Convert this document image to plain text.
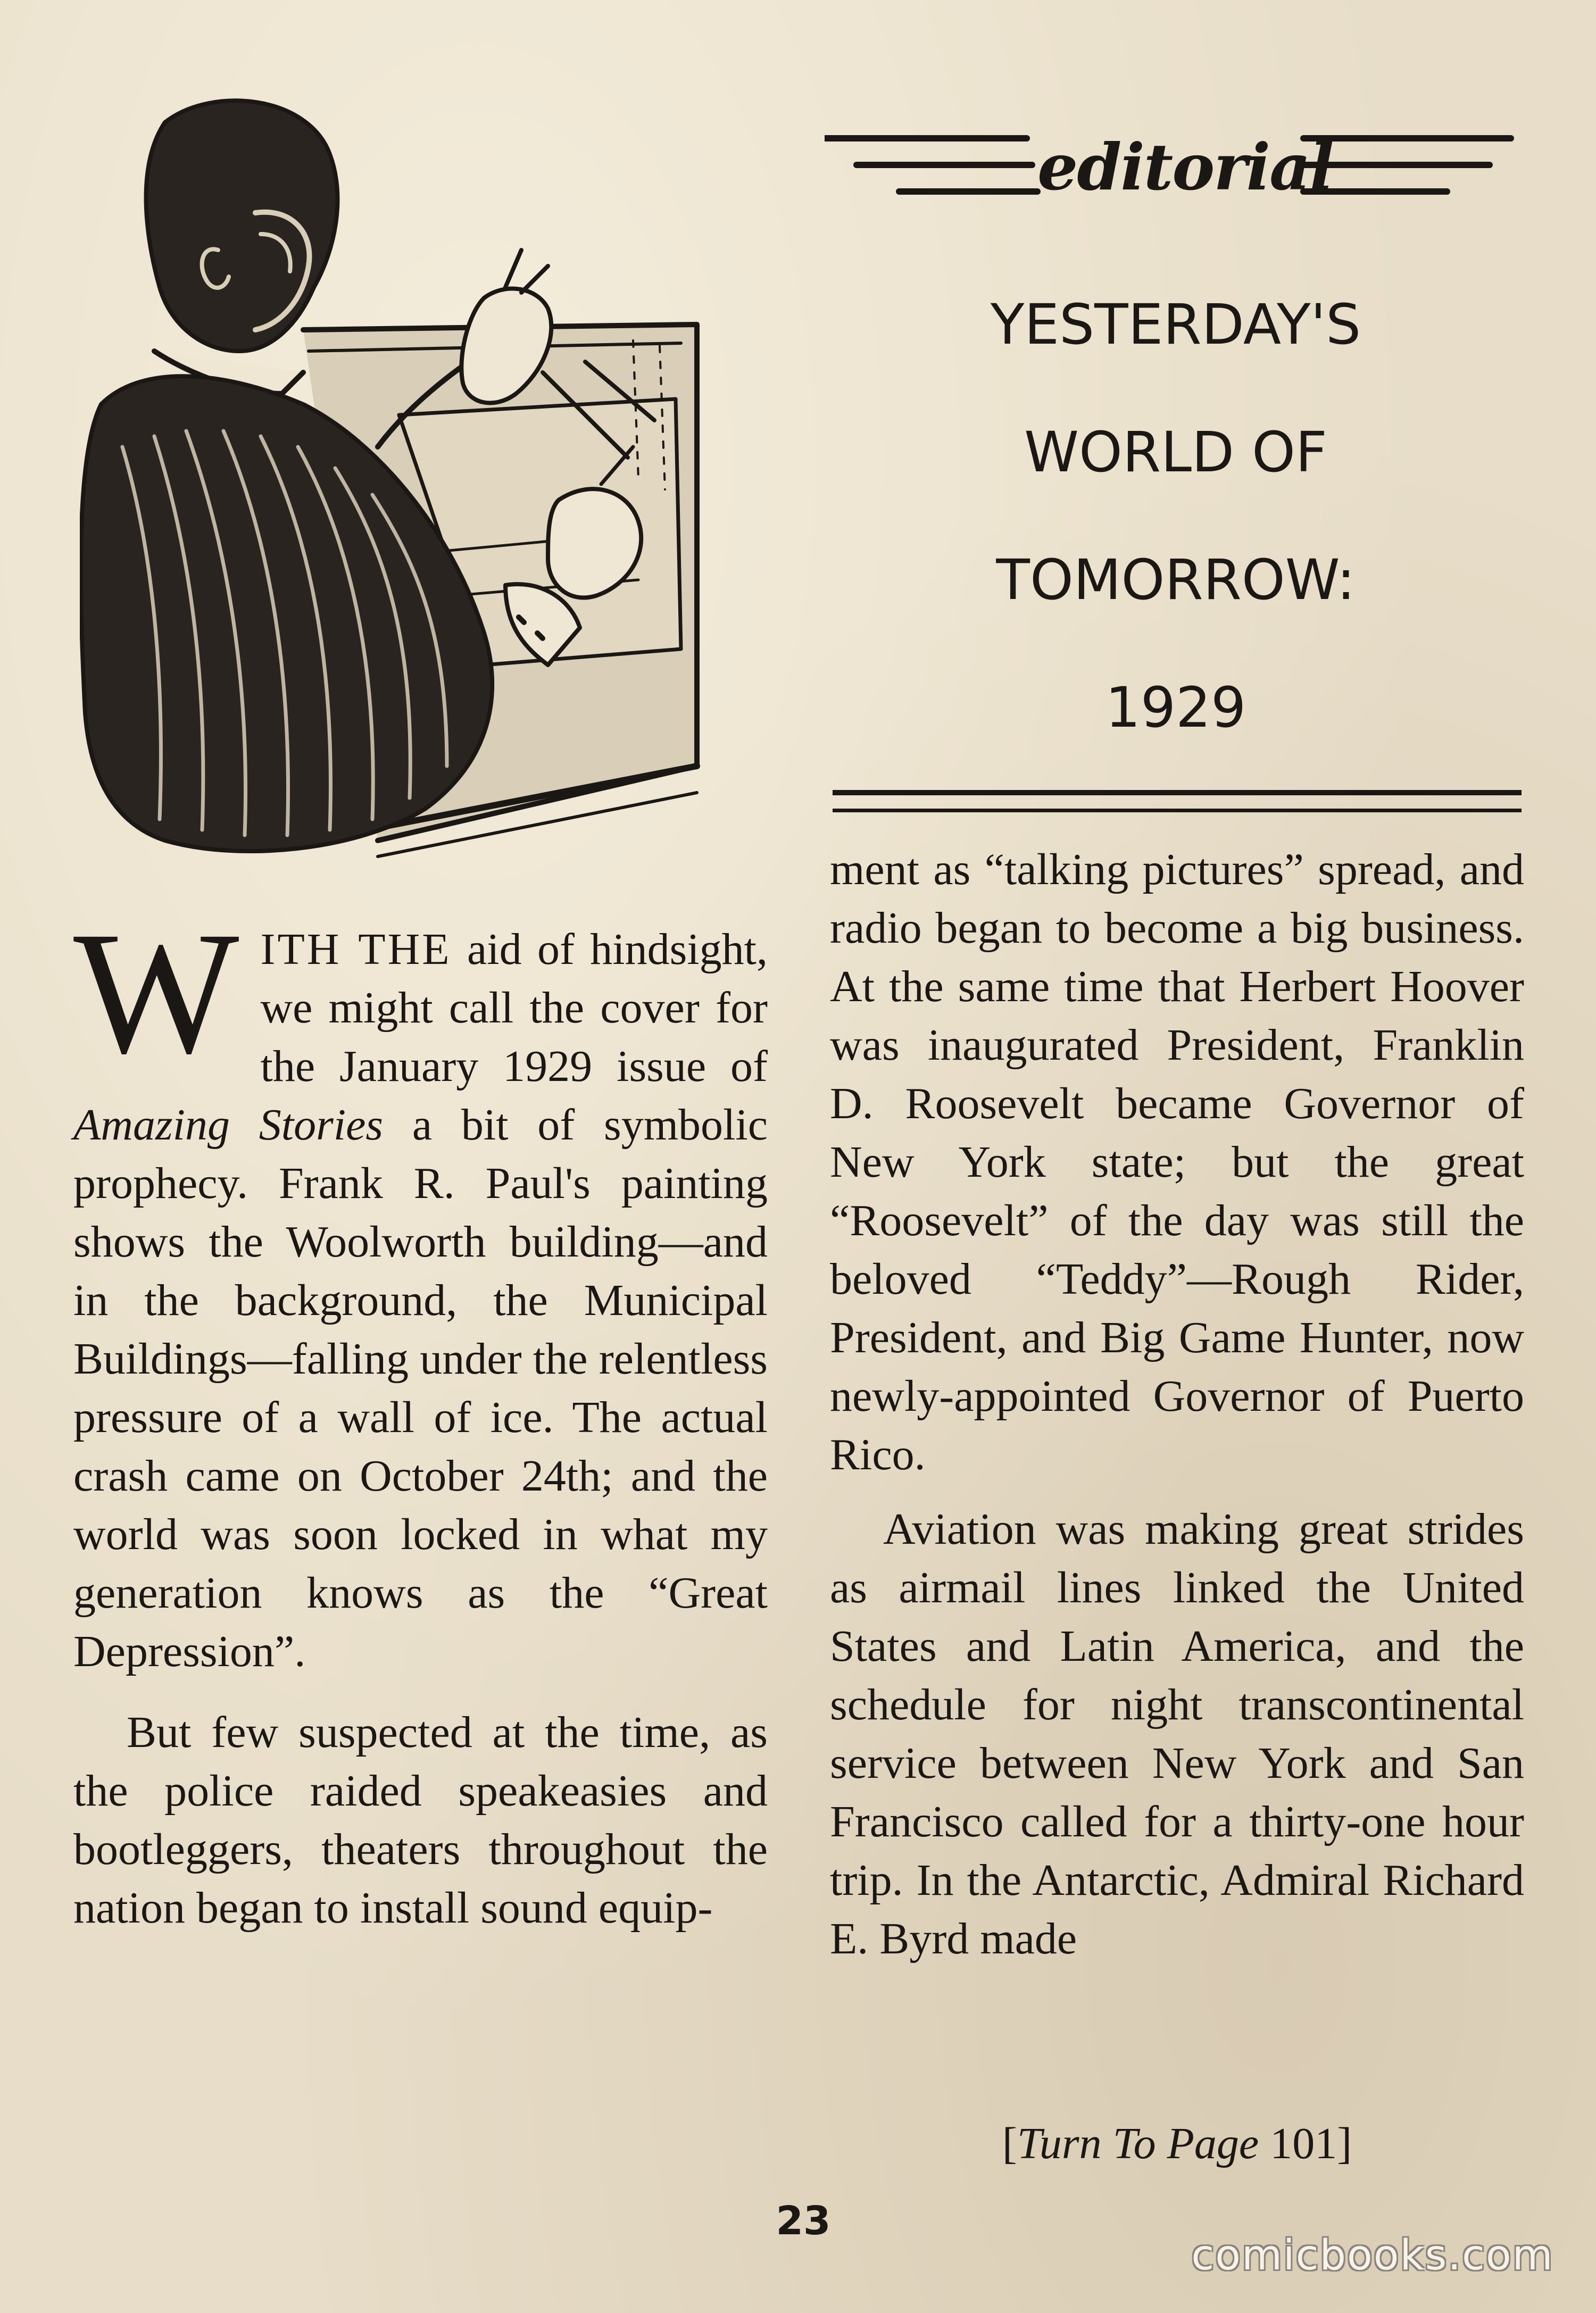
editorial
YESTERDAY'S
WORLD OF
TOMORROW:
1929

WITH THE aid of hindsight, we might call the cover for the January 1929 issue of Amazing Stories a bit of symbolic prophecy. Frank R. Paul's painting shows the Woolworth building—and in the background, the Municipal Buildings—falling under the relentless pressure of a wall of ice. The actual crash came on October 24th; and the world was soon locked in what my generation knows as the “Great Depression”.

But few suspected at the time, as the police raided speakeasies and bootleggers, theaters throughout the nation began to install sound equip-

ment as “talking pictures” spread, and radio began to become a big business. At the same time that Herbert Hoover was inaugurated President, Franklin D. Roosevelt became Governor of New York state; but the great “Roosevelt” of the day was still the beloved “Teddy”—Rough Rider, President, and Big Game Hunter, now newly-appointed Governor of Puerto Rico.

Aviation was making great strides as airmail lines linked the United States and Latin America, and the schedule for night transcontinental service between New York and San Francisco called for a thirty-one hour trip. In the Antarctic, Admiral Richard E. Byrd made

[Turn To Page 101]
23
comicbooks.com
